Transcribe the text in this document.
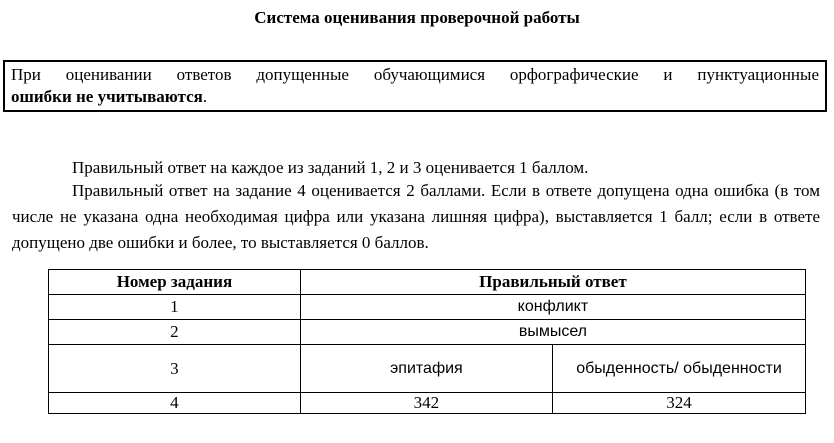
Система оценивания проверочной работы
При оценивании ответов допущенные обучающимися орфографические и пунктуационные
ошибки не учитываются.
Правильный ответ на каждое из заданий 1, 2 и 3 оценивается 1 баллом.
Правильный ответ на задание 4 оценивается 2 баллами. Если в ответе допущена одна ошибка (в том числе не указана одна необходимая цифра или указана лишняя цифра), выставляется 1 балл; если в ответе допущено две ошибки и более, то выставляется 0 баллов.
Номер задания	Правильный ответ	
1	конфликт	
2	вымысел	
3	эпитафия	обыденность/ обыденности
4	342	324
